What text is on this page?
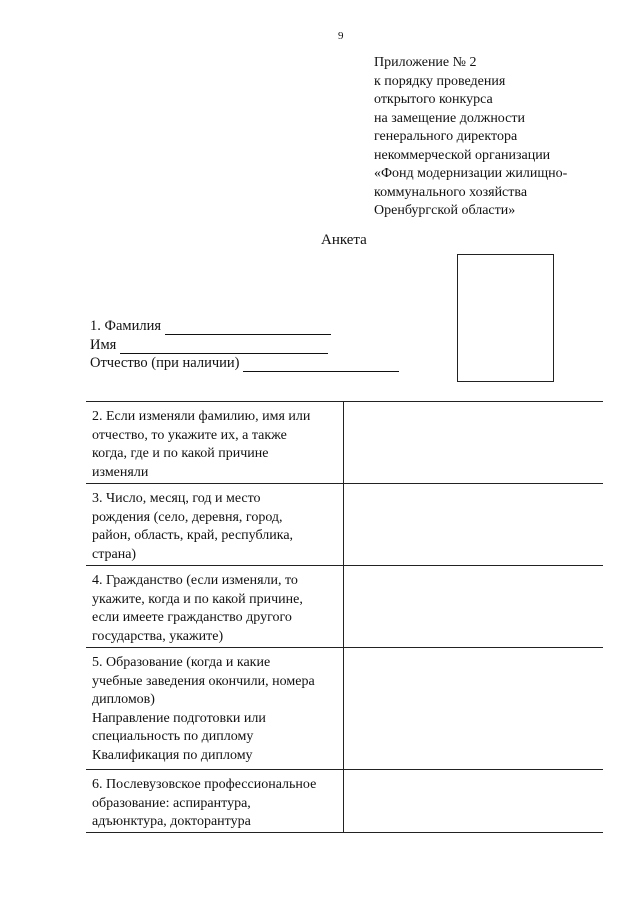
9
Приложение № 2
к порядку проведения
открытого конкурса
на замещение должности
генерального директора
некоммерческой организации
«Фонд модернизации жилищно-
коммунального хозяйства
Оренбургской области»
Анкета
1. Фамилия
Имя
Отчество (при наличии)
2. Если изменяли фамилию, имя или
отчество, то укажите их, а также
когда, где и по какой причине
изменяли
3. Число, месяц, год и место
рождения (село, деревня, город,
район, область, край, республика,
страна)
4. Гражданство (если изменяли, то
укажите, когда и по какой причине,
если имеете гражданство другого
государства, укажите)
5. Образование (когда и какие
учебные заведения окончили, номера
дипломов)
Направление подготовки или
специальность по диплому
Квалификация по диплому
6. Послевузовское профессиональное
образование: аспирантура,
адъюнктура, докторантура
